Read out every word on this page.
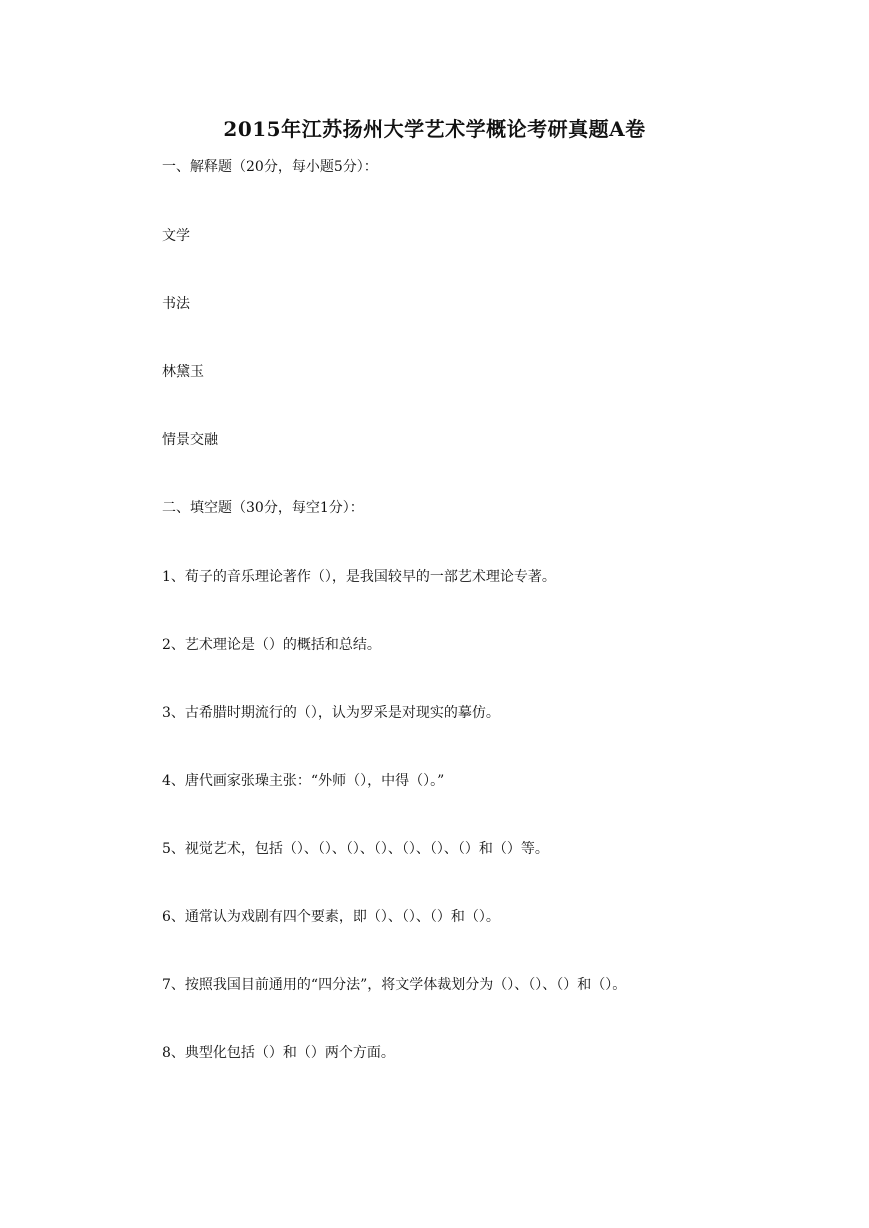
2015年江苏扬州大学艺术学概论考研真题A卷
一、解释题（20分，每小题5分）：
文学
书法
林黛玉
情景交融
二、填空题（30分，每空1分）：
1、荀子的音乐理论著作（），是我国较早的一部艺术理论专著。
2、艺术理论是（）的概括和总结。
3、古希腊时期流行的（），认为罗采是对现实的摹仿。
4、唐代画家张璪主张：“外师（），中得（）。”
5、视觉艺术，包括（）、（）、（）、（）、（）、（）、（）和（）等。
6、通常认为戏剧有四个要素，即（）、（）、（）和（）。
7、按照我国目前通用的“四分法”，将文学体裁划分为（）、（）、（）和（）。
8、典型化包括（）和（）两个方面。
